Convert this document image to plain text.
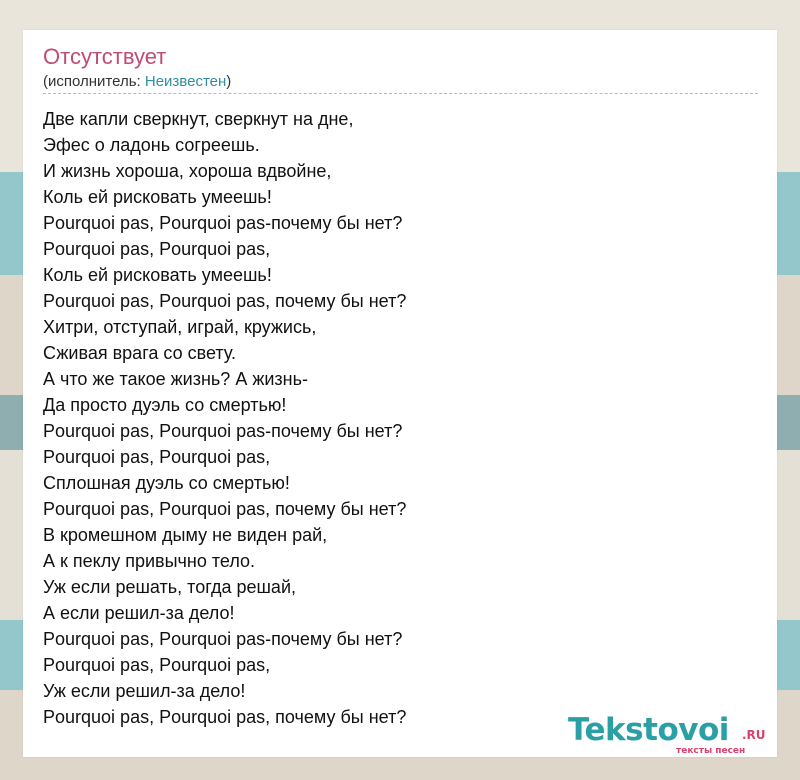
Отсутствует
(исполнитель: Неизвестен)
Две капли сверкнут, сверкнут на дне,
Эфес о ладонь согреешь.
И жизнь хороша, хороша вдвойне,
Коль ей рисковать умеешь!
Pourquoi pas, Pourquoi pas-почему бы нет?
Pourquoi pas, Pourquoi pas,
Коль ей рисковать умеешь!
Pourquoi pas, Pourquoi pas, почему бы нет?
Хитри, отступай, играй, кружись,
Сживая врага со свету.
А что же такое жизнь? А жизнь-
Да просто дуэль со смертью!
Pourquoi pas, Pourquoi pas-почему бы нет?
Pourquoi pas, Pourquoi pas,
Сплошная дуэль со смертью!
Pourquoi pas, Pourquoi pas, почему бы нет?
В кромешном дыму не виден рай,
А к пеклу привычно тело.
Уж если решать, тогда решай,
А если решил-за дело!
Pourquoi pas, Pourquoi pas-почему бы нет?
Pourquoi pas, Pourquoi pas,
Уж если решил-за дело!
Pourquoi pas, Pourquoi pas, почему бы нет?	Tekstovoi .RU
тексты песен
